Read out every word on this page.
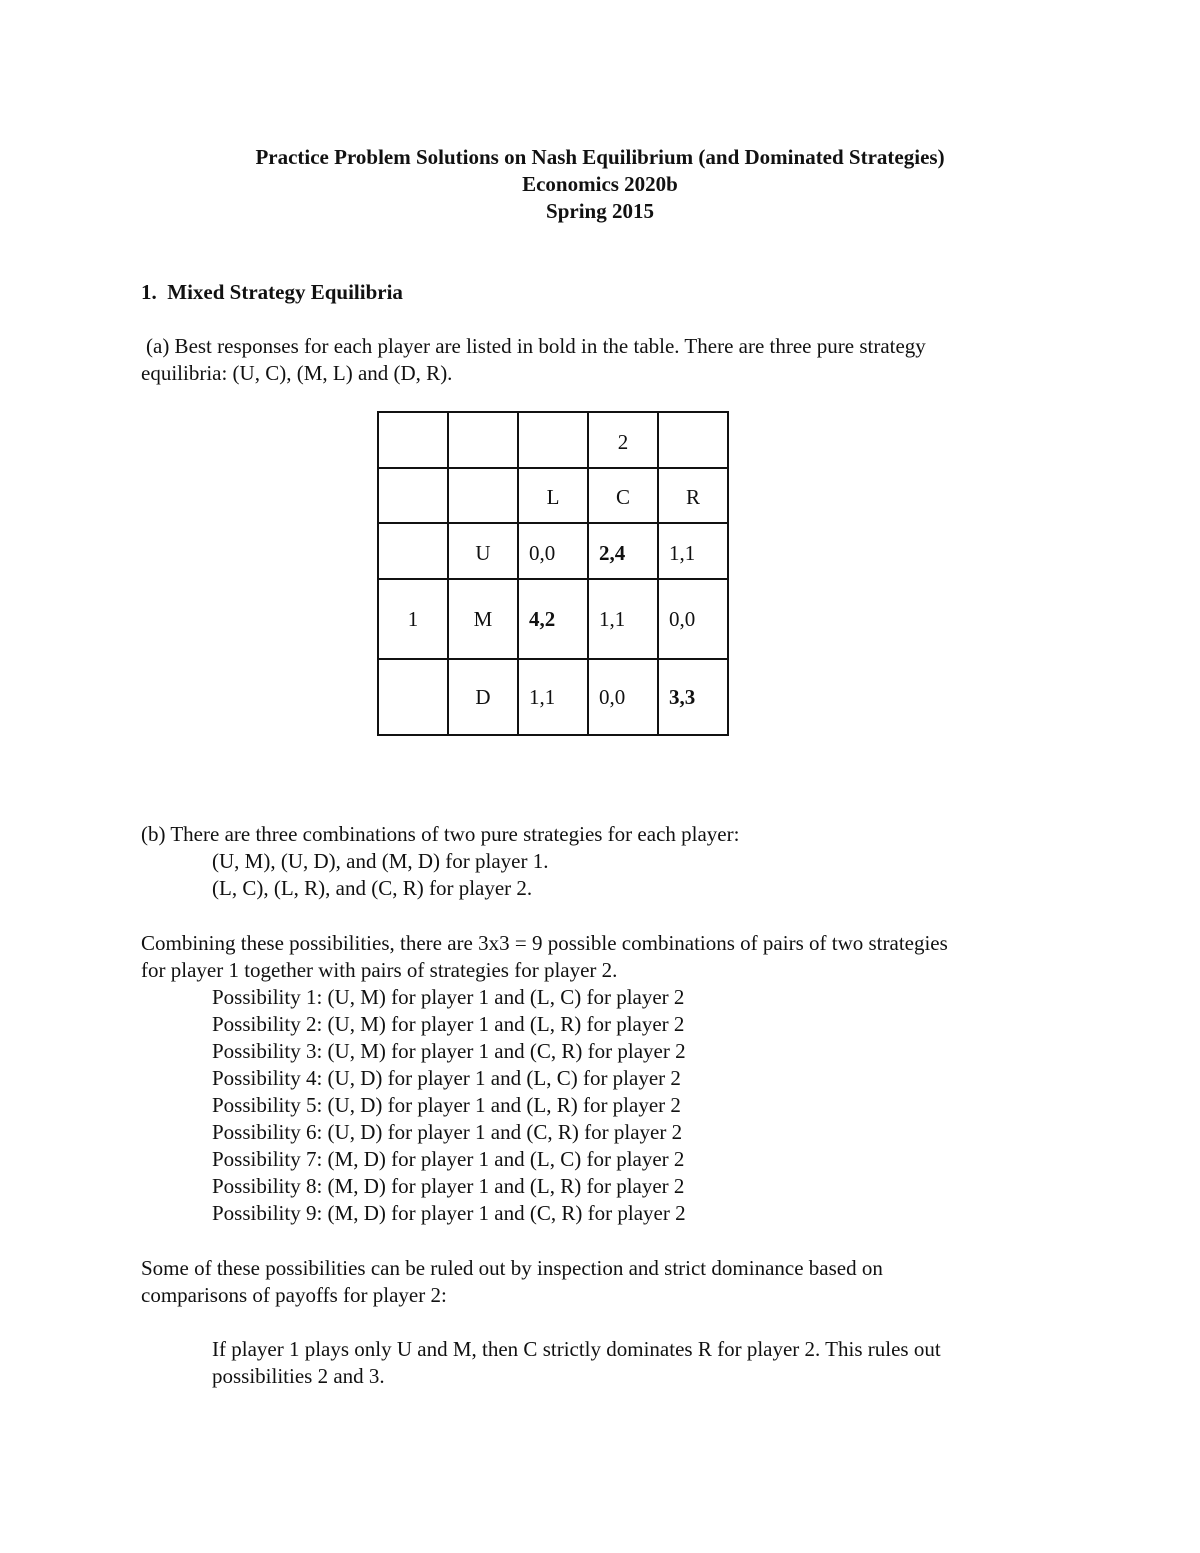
Practice Problem Solutions on Nash Equilibrium (and Dominated Strategies)
Economics 2020b
Spring 2015
1. Mixed Strategy Equilibria
(a) Best responses for each player are listed in bold in the table. There are three pure strategy
equilibria: (U, C), (M, L) and (D, R).

			2	

		L	C	R

	U	0,0	2,4	1,1

1	M	4,2	1,1	0,0

	D	1,1	0,0	3,3
(b) There are three combinations of two pure strategies for each player:
(U, M), (U, D), and (M, D) for player 1.
(L, C), (L, R), and (C, R) for player 2.
Combining these possibilities, there are 3x3 = 9 possible combinations of pairs of two strategies
for player 1 together with pairs of strategies for player 2.
Possibility 1: (U, M) for player 1 and (L, C) for player 2
Possibility 2: (U, M) for player 1 and (L, R) for player 2
Possibility 3: (U, M) for player 1 and (C, R) for player 2
Possibility 4: (U, D) for player 1 and (L, C) for player 2
Possibility 5: (U, D) for player 1 and (L, R) for player 2
Possibility 6: (U, D) for player 1 and (C, R) for player 2
Possibility 7: (M, D) for player 1 and (L, C) for player 2
Possibility 8: (M, D) for player 1 and (L, R) for player 2
Possibility 9: (M, D) for player 1 and (C, R) for player 2
Some of these possibilities can be ruled out by inspection and strict dominance based on
comparisons of payoffs for player 2:
If player 1 plays only U and M, then C strictly dominates R for player 2. This rules out
possibilities 2 and 3.
